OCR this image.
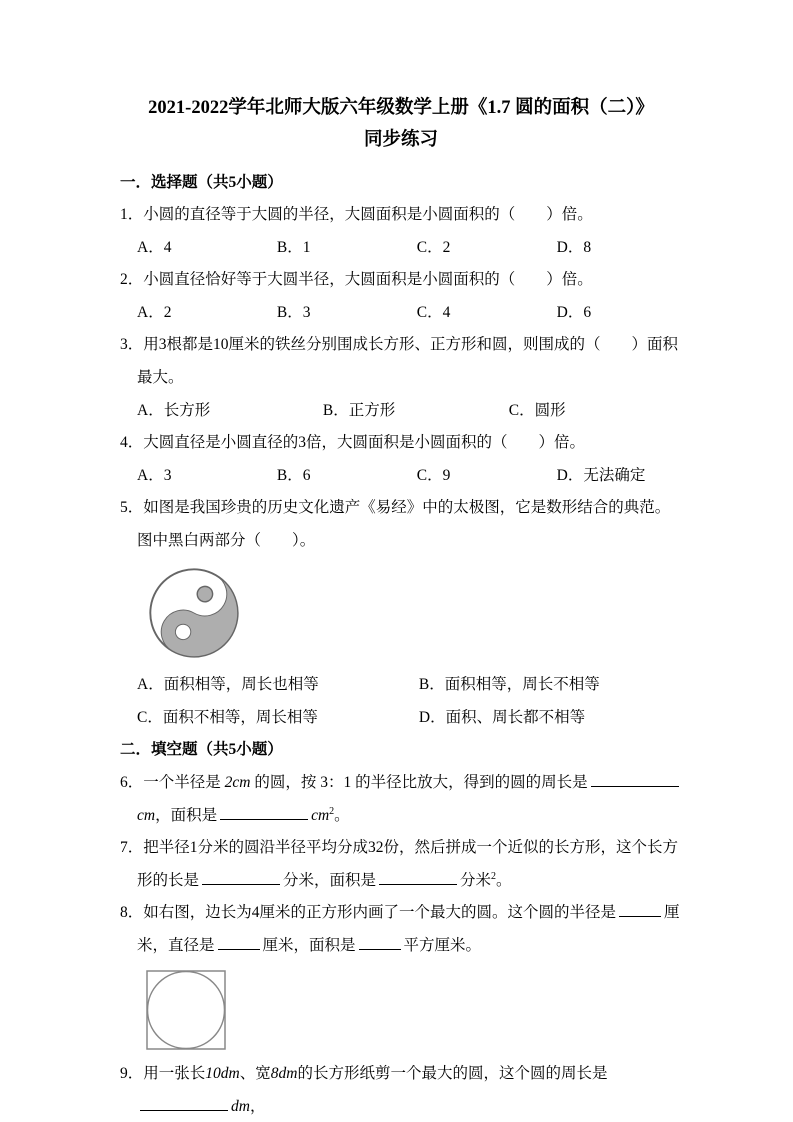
2021-2022学年北师大版六年级数学上册《1.7 圆的面积（二）》
同步练习

一．选择题（共5小题）

1．小圆的直径等于大圆的半径，大圆面积是小圆面积的（　　）倍。

A．4	B．1	C．2	D．8

2．小圆直径恰好等于大圆半径，大圆面积是小圆面积的（　　）倍。

A．2	B．3	C．4	D．6

3．用3根都是10厘米的铁丝分别围成长方形、正方形和圆，则围成的（　　）面积最大。

A．长方形	B．正方形	C．圆形

4．大圆直径是小圆直径的3倍，大圆面积是小圆面积的（　　）倍。

A．3	B．6	C．9	D．无法确定

5．如图是我国珍贵的历史文化遗产《易经》中的太极图，它是数形结合的典范。图中黑白两部分（　　）。

A．面积相等，周长也相等	B．面积相等，周长不相等

C．面积不相等，周长相等	D．面积、周长都不相等

二．填空题（共5小题）

6．一个半径是 2cm 的圆，按 3：1 的半径比放大，得到的圆的周长是cm，面积是	$cm^2$。

7．把半径1分米的圆沿半径平均分成32份，然后拼成一个近似的长方形，这个长方形的长是	分米，面积是	分米$^2$。

8．如右图，边长为4厘米的正方形内画了一个最大的圆。这个圆的半径是	厘米，直径是	厘米，面积是	平方厘米。

9．用一张长10dm、宽8dm的长方形纸剪一个最大的圆，这个圆的周长是dm，
